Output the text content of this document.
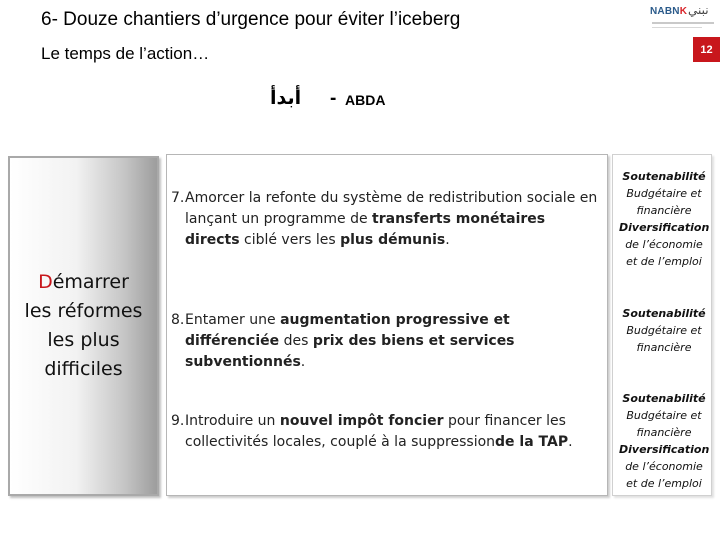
6- Douze chantiers d’urgence pour éviter l’iceberg
Le temps de l’action…
NABNK نبني
12
أبدأ - ABDA
Démarrer
les réformes
les plus
difficiles
7. Amorcer la refonte du système de redistribution sociale en lançant un programme de transferts monétaires directs ciblé vers les plus démunis.
8. Entamer une augmentation progressive et différenciée des prix des biens et services subventionnés.
9. Introduire un nouvel impôt foncier pour financer les collectivités locales, couplé à la suppressionde la TAP.
Soutenabilité
Budgétaire et financière
Diversification
de l’économie et de l’emploi
Soutenabilité
Budgétaire et financière
Soutenabilité
Budgétaire et financière
Diversification
de l’économie et de l’emploi
